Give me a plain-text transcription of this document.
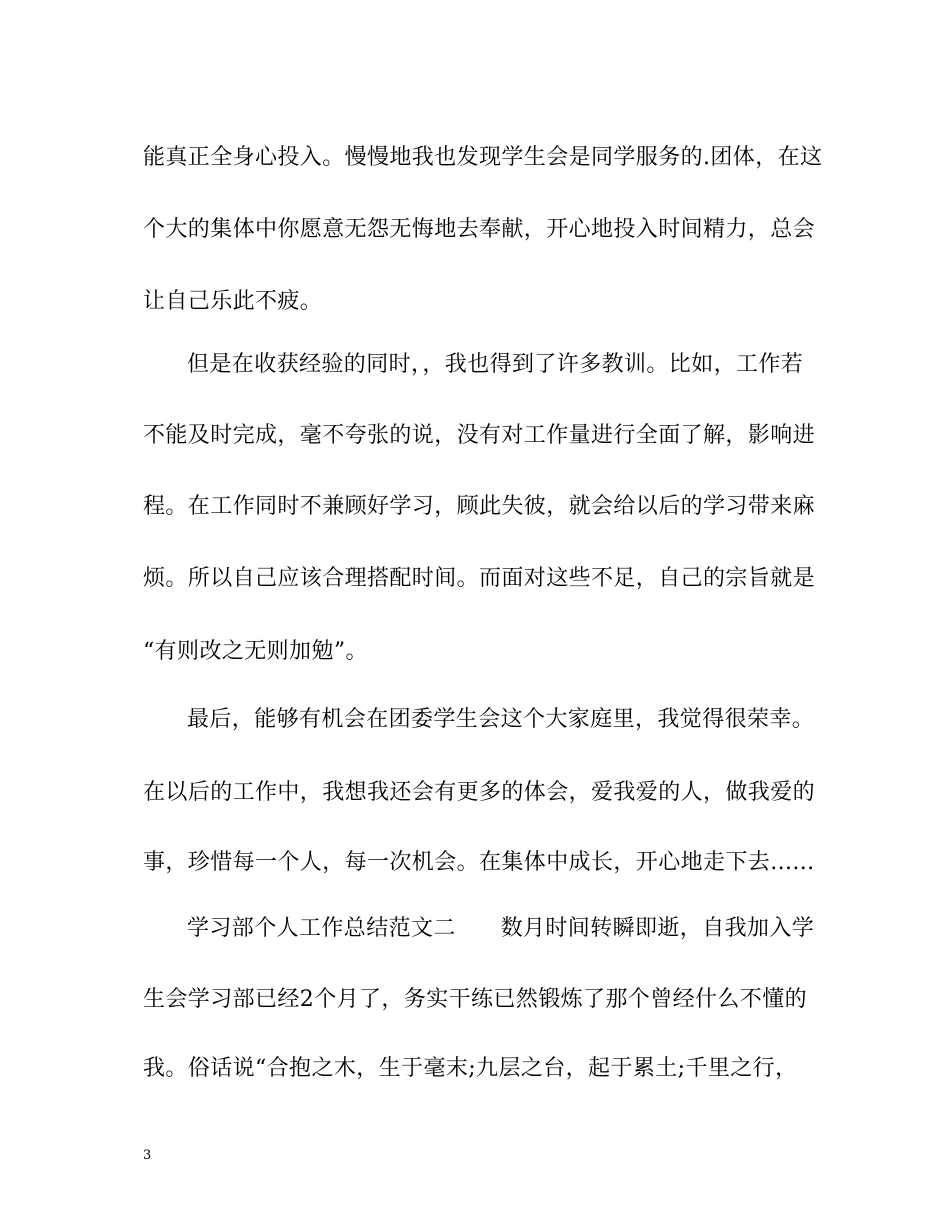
能真正全身心投入。慢慢地我也发现学生会是同学服务的.团体，在这
个大的集体中你愿意无怨无悔地去奉献，开心地投入时间精力，总会
让自己乐此不疲。
但是在收获经验的同时，，我也得到了许多教训。比如，工作若
不能及时完成，毫不夸张的说，没有对工作量进行全面了解，影响进
程。在工作同时不兼顾好学习，顾此失彼，就会给以后的学习带来麻
烦。所以自己应该合理搭配时间。而面对这些不足，自己的宗旨就是
“有则改之无则加勉”。
最后，能够有机会在团委学生会这个大家庭里，我觉得很荣幸。
在以后的工作中，我想我还会有更多的体会，爱我爱的人，做我爱的
事，珍惜每一个人，每一次机会。在集体中成长，开心地走下去......
学习部个人工作总结范文二　　数月时间转瞬即逝，自我加入学
生会学习部已经2个月了，务实干练已然锻炼了那个曾经什么不懂的
我。俗话说“合抱之木，生于毫末;九层之台，起于累土;千里之行，
3
